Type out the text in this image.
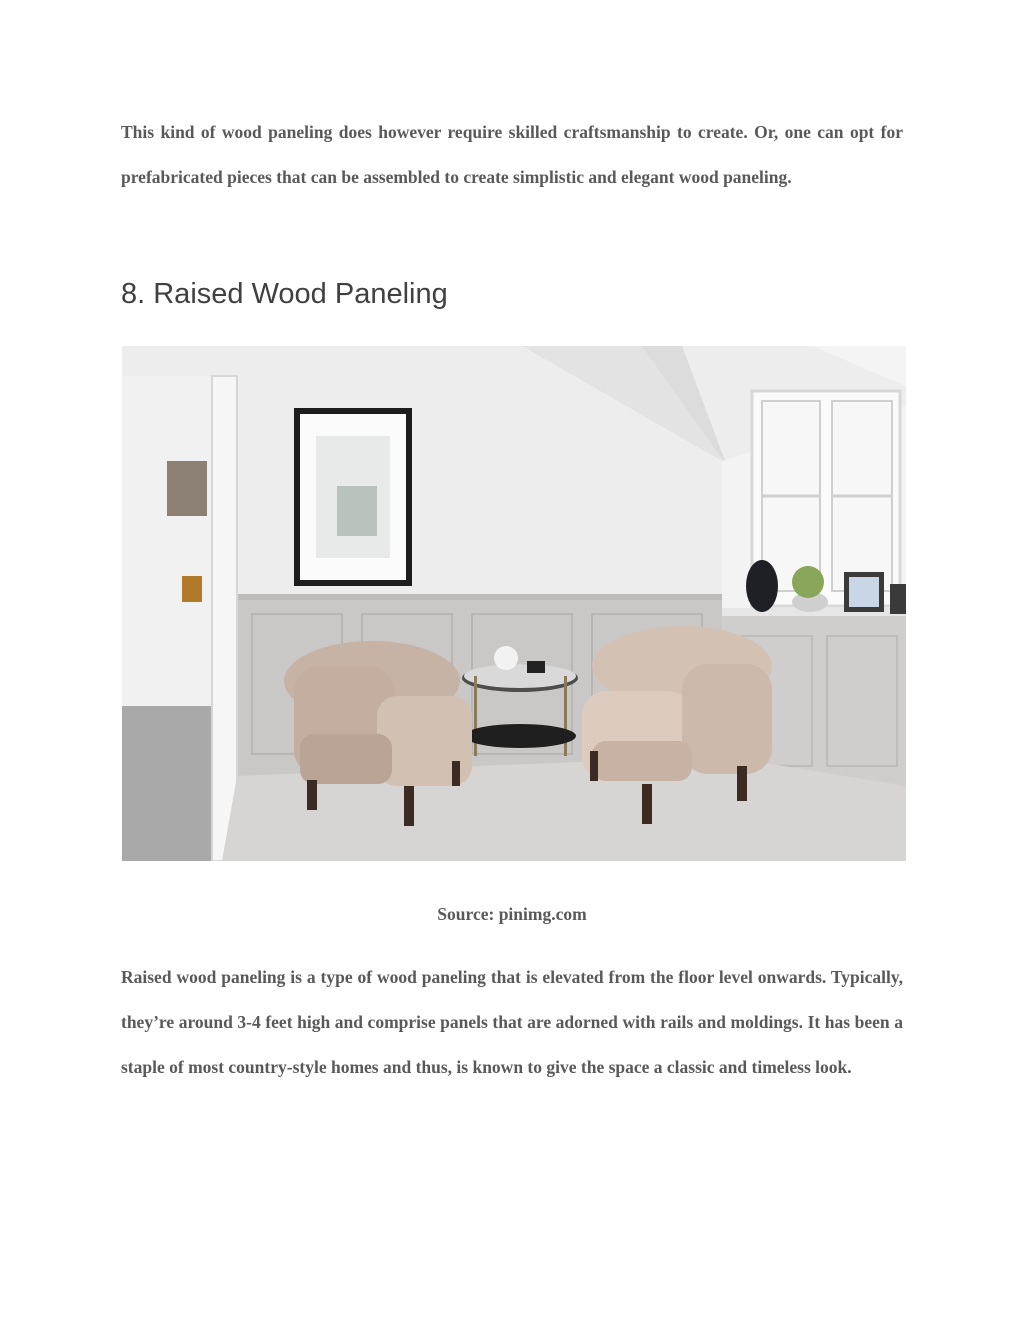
This kind of wood paneling does however require skilled craftsmanship to create. Or, one can opt for prefabricated pieces that can be assembled to create simplistic and elegant wood paneling.

8. Raised Wood Paneling

Source: pinimg.com

Raised wood paneling is a type of wood paneling that is elevated from the floor level onwards. Typically, they’re around 3-4 feet high and comprise panels that are adorned with rails and moldings. It has been a staple of most country-style homes and thus, is known to give the space a classic and timeless look.
